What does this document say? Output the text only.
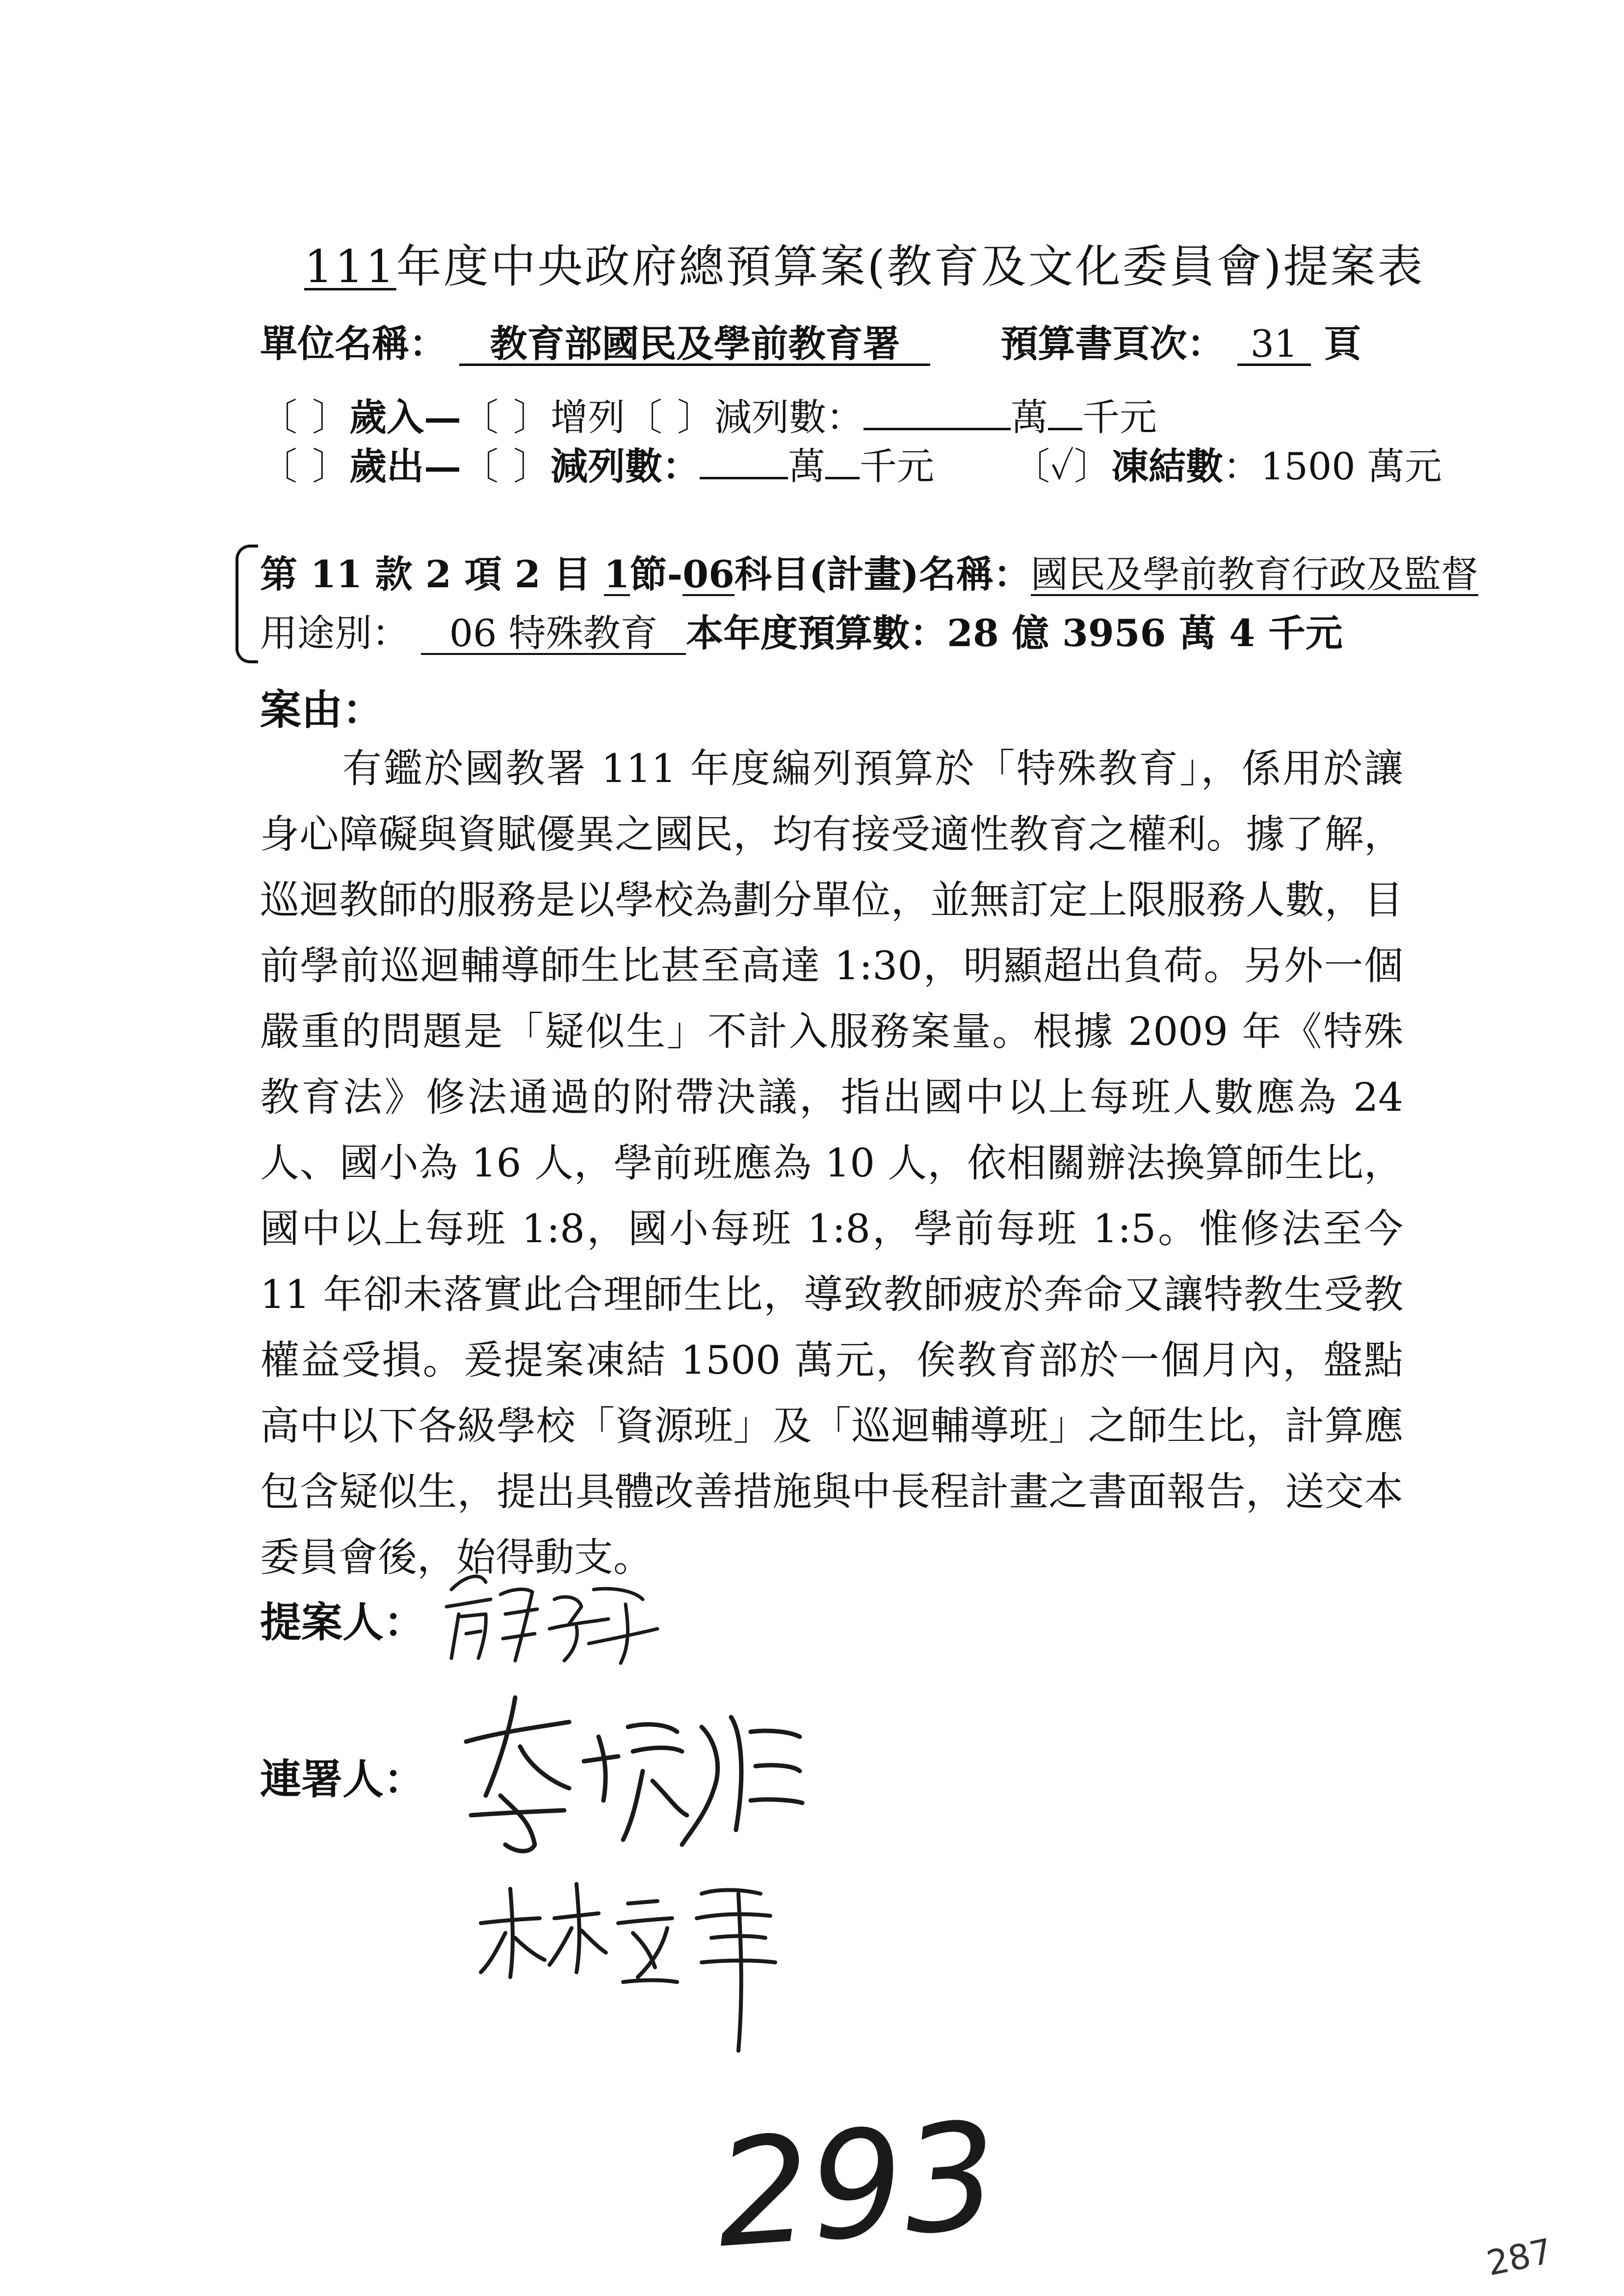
111年度中央政府總預算案(教育及文化委員會)提案表
單位名稱： 教育部國民及學前教育署	預算書頁次： 31 頁
〔 〕歲入—〔 〕增列〔 〕減列數：	萬 千元
〔 〕歲出—〔 〕減列數： 萬 千元 〔✓〕凍結數：1500 萬元
第 11 款 2 項 2 目 1節-06科目(計畫)名稱：國民及學前教育行政及監督
用途別： 06 特殊教育 本年度預算數：28 億 3956 萬 4 千元
案由：

有鑑於國教署 111 年度編列預算於「特殊教育」，係用於讓身心障礙與資賦優異之國民，均有接受適性教育之權利。據了解，巡迴教師的服務是以學校為劃分單位，並無訂定上限服務人數，目前學前巡迴輔導師生比甚至高達 1:30，明顯超出負荷。另外一個嚴重的問題是「疑似生」不計入服務案量。根據 2009 年《特殊教育法》修法通過的附帶決議，指出國中以上每班人數應為 24 人、國小為 16 人，學前班應為 10 人，依相關辦法換算師生比，國中以上每班 1:8，國小每班 1:8，學前每班 1:5。惟修法至今 11 年卻未落實此合理師生比，導致教師疲於奔命又讓特教生受教權益受損。爰提案凍結 1500 萬元，俟教育部於一個月內，盤點高中以下各級學校「資源班」及「巡迴輔導班」之師生比，計算應包含疑似生，提出具體改善措施與中長程計畫之書面報告，送交本委員會後，始得動支。

提案人：
連署人：
293	287
